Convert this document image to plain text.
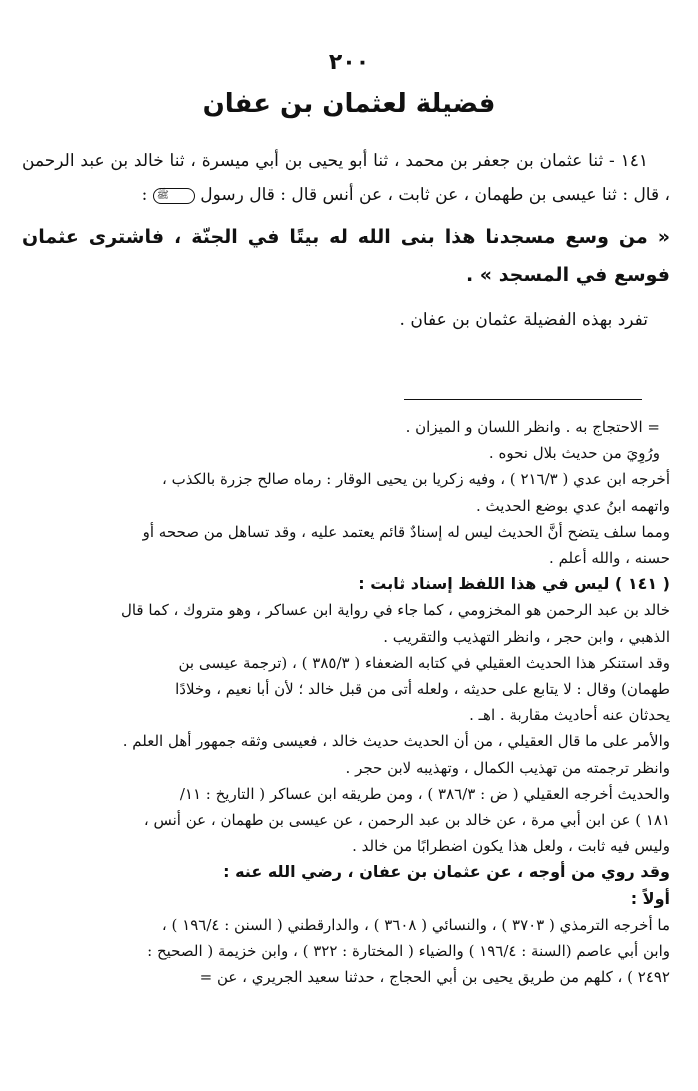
٢٠٠
فضيلة لعثمان بن عفان

١٤١ - ثنا عثمان بن جعفر بن محمد ، ثنا أبو يحيى بن أبي ميسرة ، ثنا خالد بن عبد الرحمن ، قال : ثنا عيسى بن طهمان ، عن ثابت ، عن أنس قال : قال رسول ﷺ :

« من وسع مسجدنا هذا بنى الله له بيتًا في الجنّة ، فاشترى عثمان فوسع في المسجد » .

تفرد بهذه الفضيلة عثمان بن عفان .

= الاحتجاج به . وانظر اللسان و الميزان .
ورُوِيَ من حديث بلال نحوه .
أخرجه ابن عدي ( ٢١٦/٣ ) ، وفيه زكريا بن يحيى الوقار : رماه صالح جزرة بالكذب ،
واتهمه ابنُ عدي بوضع الحديث .
ومما سلف يتضح أنَّ الحديث ليس له إسنادٌ قائم يعتمد عليه ، وقد تساهل من صححه أو
حسنه ، والله أعلم .
( ١٤١ ) ليس في هذا اللفظ إسناد ثابت :
خالد بن عبد الرحمن هو المخزومي ، كما جاء في رواية ابن عساكر ، وهو متروك ، كما قال
الذهبي ، وابن حجر ، وانظر التهذيب والتقريب .
وقد استنكر هذا الحديث العقيلي في كتابه الضعفاء ( ٣٨٥/٣ ) ، (ترجمة عيسى بن
طهمان) وقال : لا يتابع على حديثه ، ولعله أتى من قبل خالد ؛ لأن أبا نعيم ، وخلادًا
يحدثان عنه أحاديث مقاربة . اهـ .
والأمر على ما قال العقيلي ، من أن الحديث حديث خالد ، فعيسى وثقه جمهور أهل العلم .
وانظر ترجمته من تهذيب الكمال ، وتهذيبه لابن حجر .
والحديث أخرجه العقيلي ( ض : ٣٨٦/٣ ) ، ومن طريقه ابن عساكر ( التاريخ : ١١/
١٨١ ) عن ابن أبي مرة ، عن خالد بن عبد الرحمن ، عن عيسى بن طهمان ، عن أنس ،
وليس فيه ثابت ، ولعل هذا يكون اضطرابًا من خالد .
وقد روي من أوجه ، عن عثمان بن عفان ، رضي الله عنه :
أولاً :
ما أخرجه الترمذي ( ٣٧٠٣ ) ، والنسائي ( ٣٦٠٨ ) ، والدارقطني ( السنن : ١٩٦/٤ ) ،
وابن أبي عاصم (السنة : ١٩٦/٤ ) والضياء ( المختارة : ٣٢٢ ) ، وابن خزيمة ( الصحيح :
٢٤٩٢ ) ، كلهم من طريق يحيى بن أبي الحجاج ، حدثنا سعيد الجريري ، عن =
